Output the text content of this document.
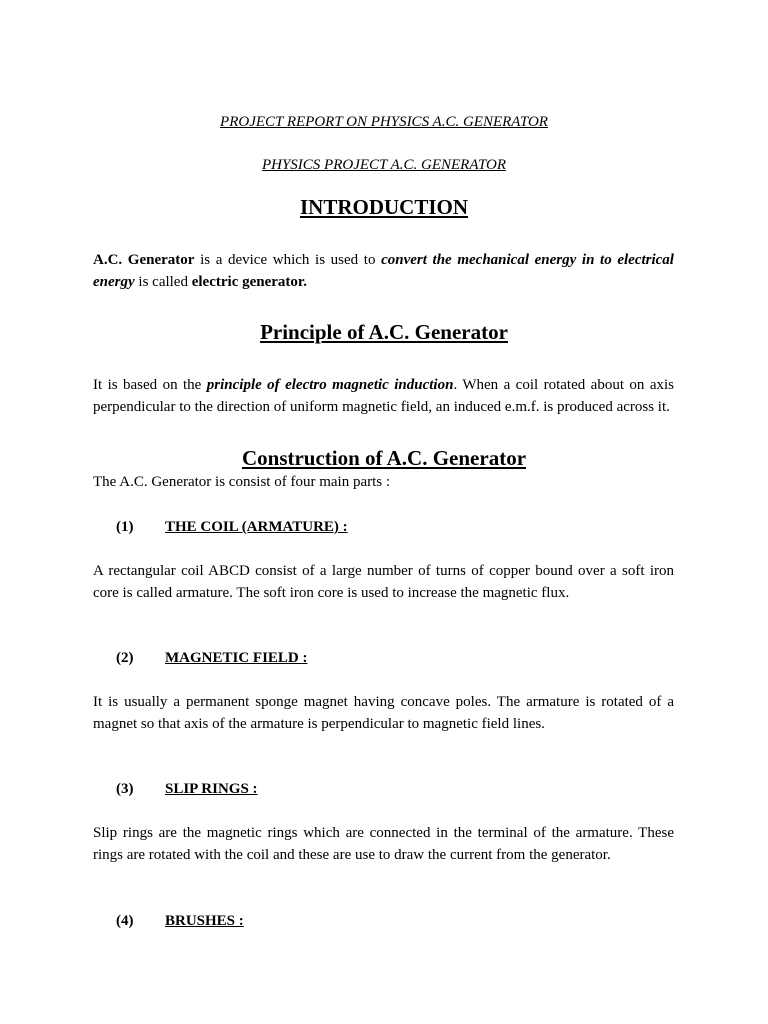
PROJECT REPORT ON PHYSICS A.C. GENERATOR

PHYSICS PROJECT A.C. GENERATOR

INTRODUCTION

A.C. Generator is a device which is used to convert the mechanical energy in to electrical energy is called electric generator.

Principle of A.C. Generator

It is based on the principle of electro magnetic induction. When a coil rotated about on axis perpendicular to the direction of uniform magnetic field, an induced e.m.f. is produced across it.

Construction of A.C. Generator

The A.C. Generator is consist of four main parts :

(1) THE COIL (ARMATURE) :

A rectangular coil ABCD consist of a large number of turns of copper bound over a soft iron core is called armature. The soft iron core is used to increase the magnetic flux.

(2) MAGNETIC FIELD :

It is usually a permanent sponge magnet having concave poles. The armature is rotated of a magnet so that axis of the armature is perpendicular to magnetic field lines.

(3) SLIP RINGS :

Slip rings are the magnetic rings which are connected in the terminal of the armature. These rings are rotated with the coil and these are use to draw the current from the generator.

(4) BRUSHES :
